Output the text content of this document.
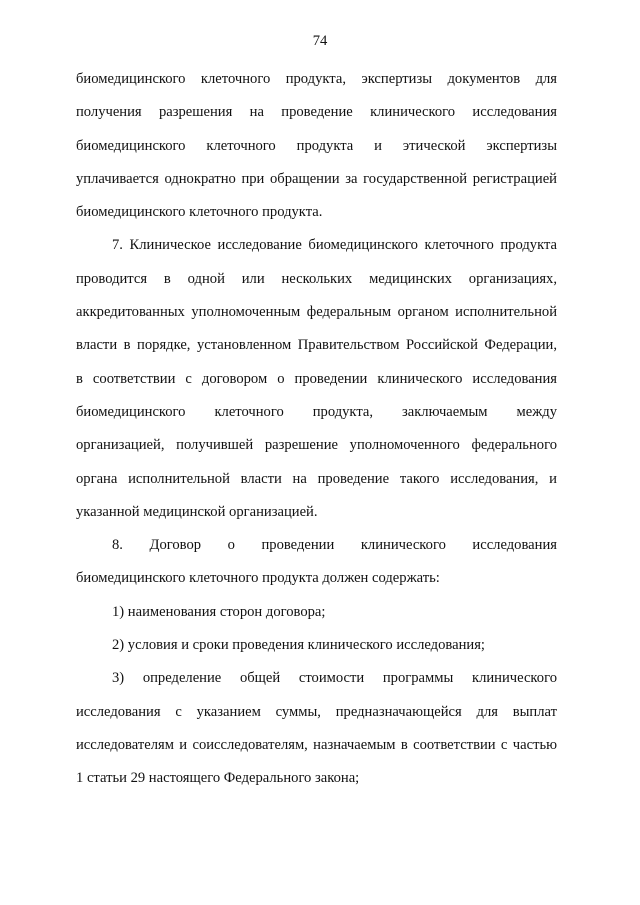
74
биомедицинского клеточного продукта, экспертизы документов для
получения разрешения на проведение клинического исследования
биомедицинского клеточного продукта и этической экспертизы
уплачивается однократно при обращении за государственной регистрацией
биомедицинского клеточного продукта.
7. Клиническое исследование биомедицинского клеточного продукта
проводится в одной или нескольких медицинских организациях,
аккредитованных уполномоченным федеральным органом исполнительной
власти в порядке, установленном Правительством Российской Федерации,
в соответствии с договором о проведении клинического исследования
биомедицинского клеточного продукта, заключаемым между
организацией, получившей разрешение уполномоченного федерального
органа исполнительной власти на проведение такого исследования, и
указанной медицинской организацией.
8. Договор о проведении клинического исследования
биомедицинского клеточного продукта должен содержать:
1) наименования сторон договора;
2) условия и сроки проведения клинического исследования;
3) определение общей стоимости программы клинического
исследования с указанием суммы, предназначающейся для выплат
исследователям и соисследователям, назначаемым в соответствии с частью
1 статьи 29 настоящего Федерального закона;
